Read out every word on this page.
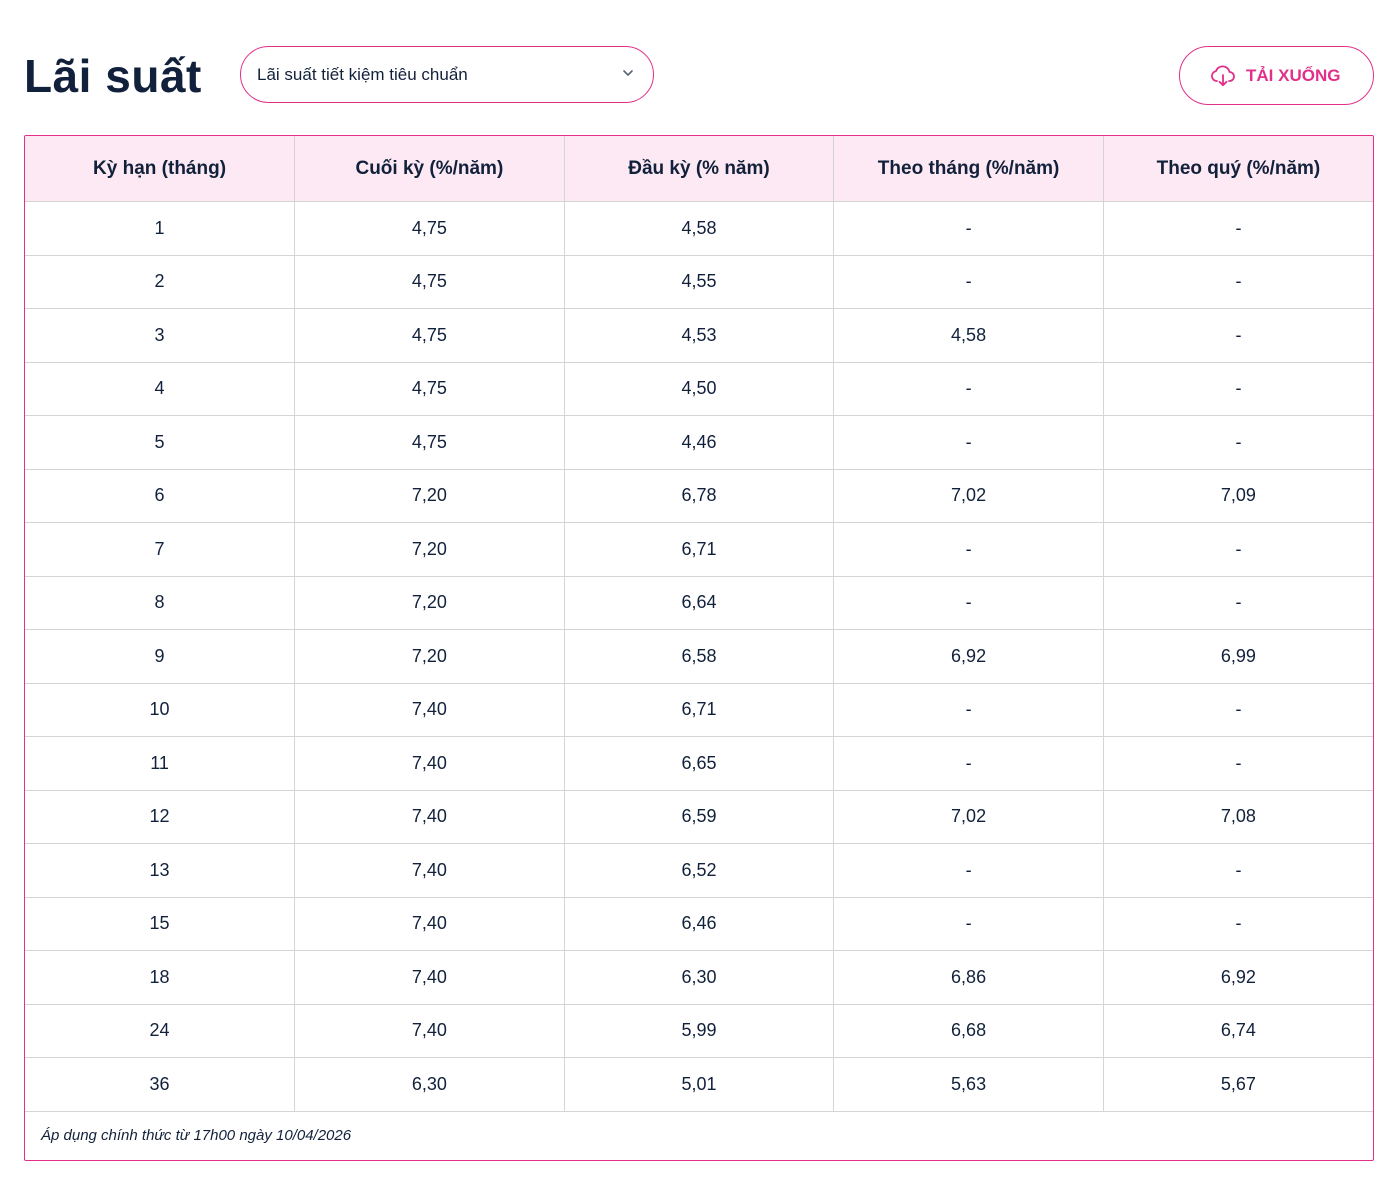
Lãi suất	Lãi suất tiết kiệm tiêu chuẩn	TẢI XUỐNG
Kỳ hạn (tháng)	Cuối kỳ (%/năm)	Đầu kỳ (% năm)	Theo tháng (%/năm)	Theo quý (%/năm)
1	4,75	4,58	-	-
2	4,75	4,55	-	-
3	4,75	4,53	4,58	-
4	4,75	4,50	-	-
5	4,75	4,46	-	-
6	7,20	6,78	7,02	7,09
7	7,20	6,71	-	-
8	7,20	6,64	-	-
9	7,20	6,58	6,92	6,99
10	7,40	6,71	-	-
11	7,40	6,65	-	-
12	7,40	6,59	7,02	7,08
13	7,40	6,52	-	-
15	7,40	6,46	-	-
18	7,40	6,30	6,86	6,92
24	7,40	5,99	6,68	6,74
36	6,30	5,01	5,63	5,67
Áp dụng chính thức từ 17h00 ngày 10/04/2026
